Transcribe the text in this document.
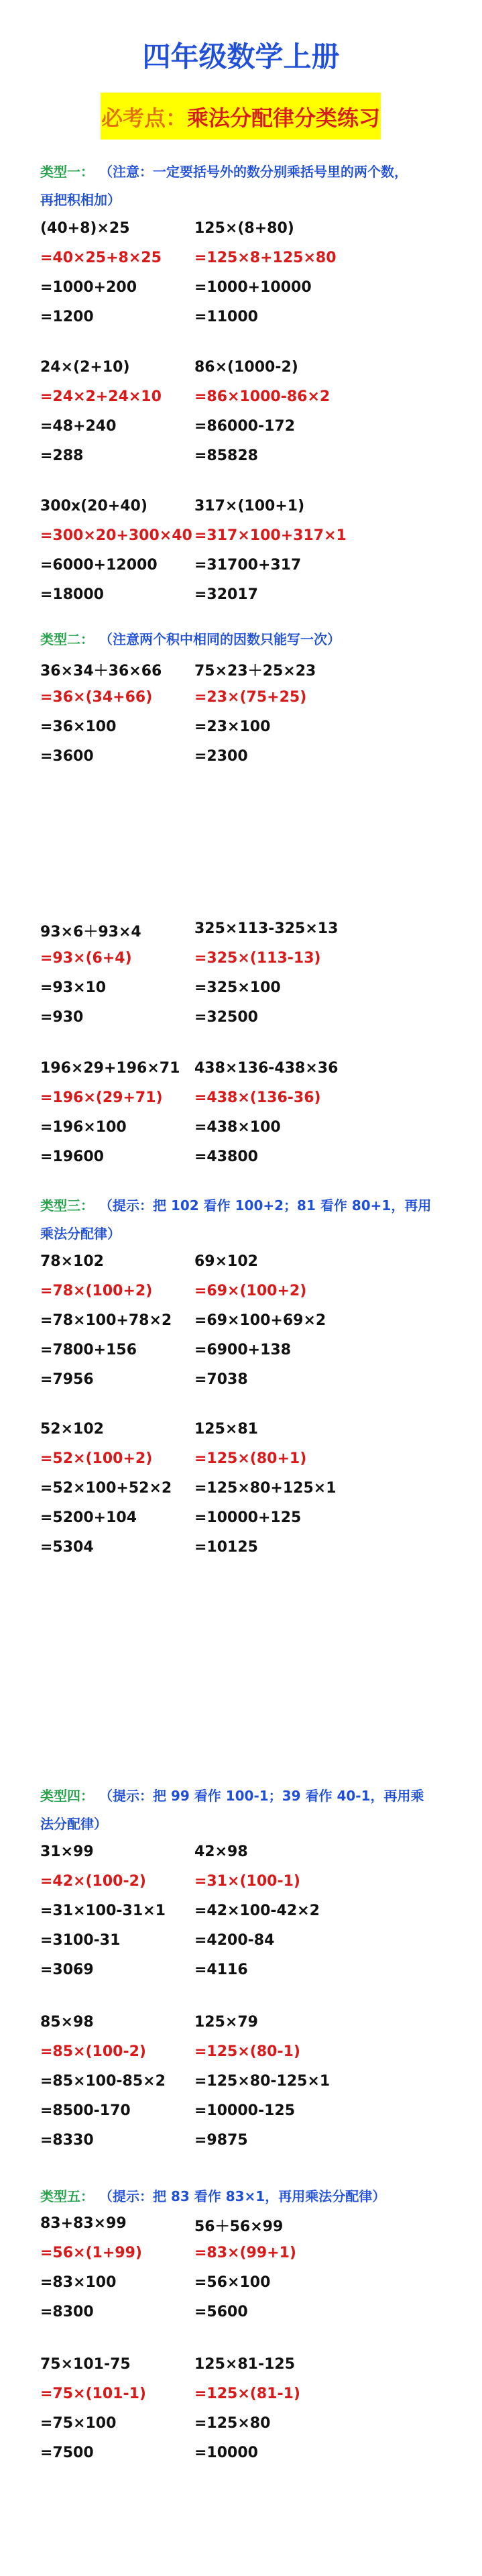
四年级数学上册
必考点：乘法分配律分类练习
类型一： （注意：一定要括号外的数分别乘括号里的两个数，
再把积相加）
(40+8)×25
=40×25+8×25
=1000+200
=1200
125×(8+80)
=125×8+125×80
=1000+10000
=11000
24×(2+10)
=24×2+24×10
=48+240
=288
86×(1000-2)
=86×1000-86×2
=86000-172
=85828
300x(20+40)
=300×20+300×40
=6000+12000
=18000
317×(100+1)
=317×100+317×1
=31700+317
=32017
类型二： （注意两个积中相同的因数只能写一次）
36×34＋36×66
=36×(34+66)
=36×100
=3600
75×23＋25×23
=23×(75+25)
=23×100
=2300
93×6＋93×4
=93×(6+4)
=93×10
=930
325×113-325×13
=325×(113-13)
=325×100
=32500
196×29+196×71
=196×(29+71)
=196×100
=19600
438×136-438×36
=438×(136-36)
=438×100
=43800
类型三： （提示：把 102 看作 100+2；81 看作 80+1，再用
乘法分配律）
78×102
=78×(100+2)
=78×100+78×2
=7800+156
=7956
69×102
=69×(100+2)
=69×100+69×2
=6900+138
=7038
52×102
=52×(100+2)
=52×100+52×2
=5200+104
=5304
125×81
=125×(80+1)
=125×80+125×1
=10000+125
=10125
类型四： （提示：把 99 看作 100-1；39 看作 40-1，再用乘
法分配律）
31×99
=42×(100-2)
=31×100-31×1
=3100-31
=3069
42×98
=31×(100-1)
=42×100-42×2
=4200-84
=4116
85×98
=85×(100-2)
=85×100-85×2
=8500-170
=8330
125×79
=125×(80-1)
=125×80-125×1
=10000-125
=9875
类型五： （提示：把 83 看作 83×1，再用乘法分配律）
83+83×99
=56×(1+99)
=83×100
=8300
56＋56×99
=83×(99+1)
=56×100
=5600
75×101-75
=75×(101-1)
=75×100
=7500
125×81-125
=125×(81-1)
=125×80
=10000
